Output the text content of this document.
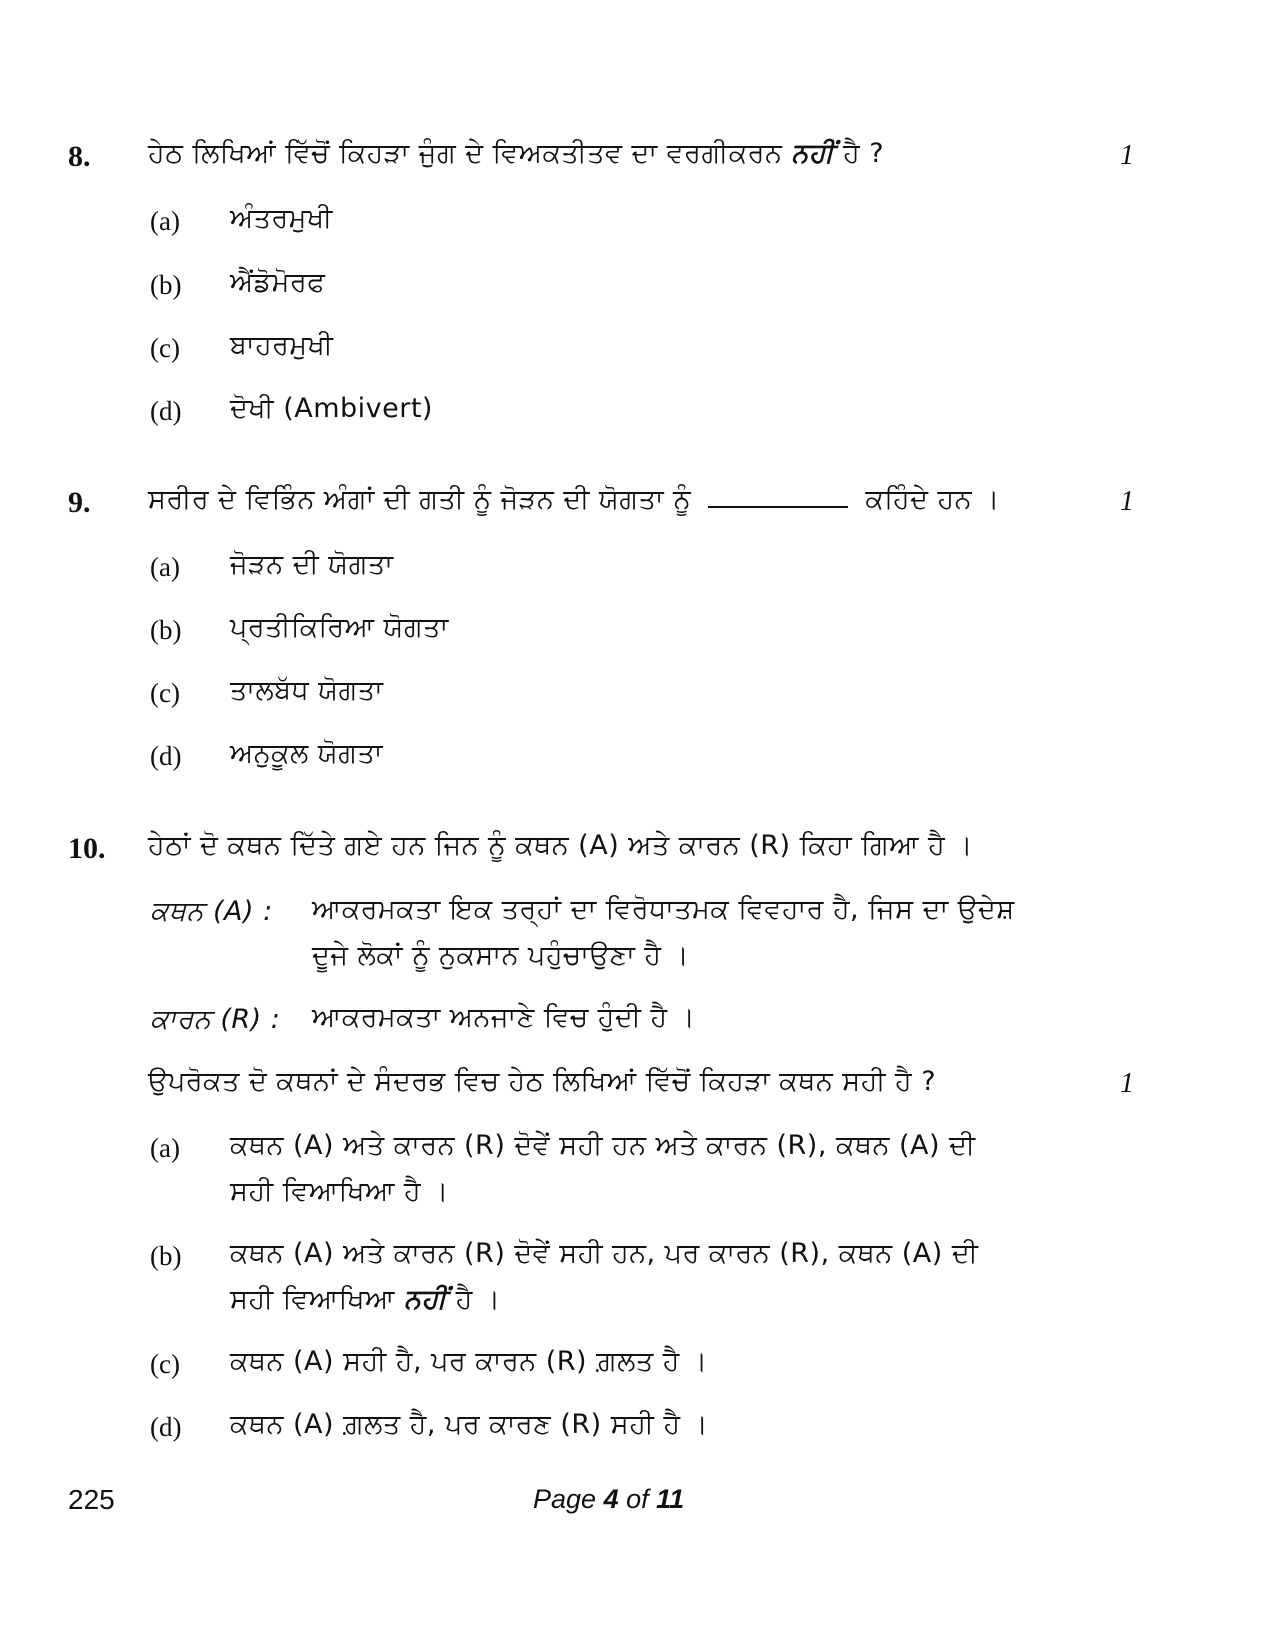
8. ਹੇਠ ਲਿਖਿਆਂ ਵਿੱਚੋਂ ਕਿਹੜਾ ਜੁੰਗ ਦੇ ਵਿਅਕਤੀਤਵ ਦਾ ਵਰਗੀਕਰਨ ਨਹੀਂ ਹੈ ?	1
(a) ਅੰਤਰਮੁਖੀ
(b) ਐਂਡੋਮੋਰਫ
(c) ਬਾਹਰਮੁਖੀ
(d) ਦੋਖੀ (Ambivert)
9. ਸਰੀਰ ਦੇ ਵਿਭਿੰਨ ਅੰਗਾਂ ਦੀ ਗਤੀ ਨੂੰ ਜੋੜਨ ਦੀ ਯੋਗਤਾ ਨੂੰ	ਕਹਿੰਦੇ ਹਨ ।	1
(a) ਜੋੜਨ ਦੀ ਯੋਗਤਾ
(b) ਪ੍ਰਤੀਕਿਰਿਆ ਯੋਗਤਾ
(c) ਤਾਲਬੱਧ ਯੋਗਤਾ
(d) ਅਨੁਕੂਲ ਯੋਗਤਾ
10. ਹੇਠਾਂ ਦੋ ਕਥਨ ਦਿੱਤੇ ਗਏ ਹਨ ਜਿਨ ਨੂੰ ਕਥਨ (A) ਅਤੇ ਕਾਰਨ (R) ਕਿਹਾ ਗਿਆ ਹੈ ।
ਕਥਨ (A) : ਆਕਰਮਕਤਾ ਇਕ ਤਰ੍ਹਾਂ ਦਾ ਵਿਰੋਧਾਤਮਕ ਵਿਵਹਾਰ ਹੈ, ਜਿਸ ਦਾ ਉਦੇਸ਼
ਦੂਜੇ ਲੋਕਾਂ ਨੂੰ ਨੁਕਸਾਨ ਪਹੁੰਚਾਉਣਾ ਹੈ ।
ਕਾਰਨ (R) : ਆਕਰਮਕਤਾ ਅਨਜਾਣੇ ਵਿਚ ਹੁੰਦੀ ਹੈ ।
ਉਪਰੋਕਤ ਦੋ ਕਥਨਾਂ ਦੇ ਸੰਦਰਭ ਵਿਚ ਹੇਠ ਲਿਖਿਆਂ ਵਿੱਚੋਂ ਕਿਹੜਾ ਕਥਨ ਸਹੀ ਹੈ ?	1
(a) ਕਥਨ (A) ਅਤੇ ਕਾਰਨ (R) ਦੋਵੇਂ ਸਹੀ ਹਨ ਅਤੇ ਕਾਰਨ (R), ਕਥਨ (A) ਦੀ
ਸਹੀ ਵਿਆਖਿਆ ਹੈ ।
(b) ਕਥਨ (A) ਅਤੇ ਕਾਰਨ (R) ਦੋਵੇਂ ਸਹੀ ਹਨ, ਪਰ ਕਾਰਨ (R), ਕਥਨ (A) ਦੀ
ਸਹੀ ਵਿਆਖਿਆ ਨਹੀਂ ਹੈ ।
(c) ਕਥਨ (A) ਸਹੀ ਹੈ, ਪਰ ਕਾਰਨ (R) ਗ਼ਲਤ ਹੈ ।
(d) ਕਥਨ (A) ਗ਼ਲਤ ਹੈ, ਪਰ ਕਾਰਣ (R) ਸਹੀ ਹੈ ।
225	Page 4 of 11
